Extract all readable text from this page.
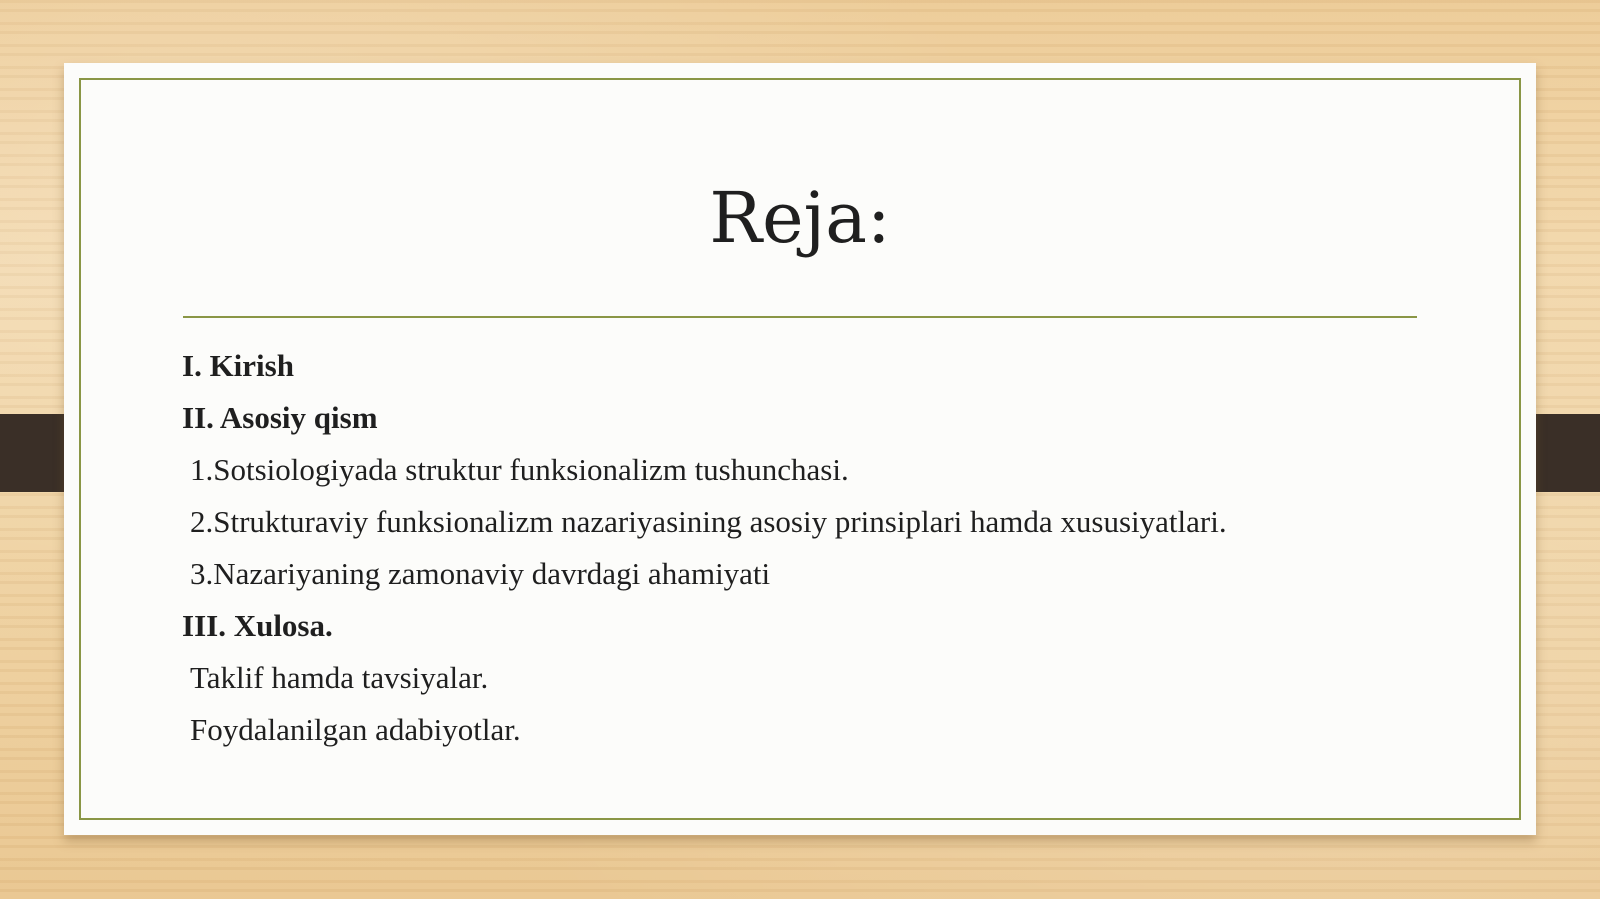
Reja:
I. Kirish
II. Asosiy qism
1.Sotsiologiyada struktur funksionalizm tushunchasi.
2.Strukturaviy funksionalizm nazariyasining asosiy prinsiplari hamda xususiyatlari.
3.Nazariyaning zamonaviy davrdagi ahamiyati
III. Xulosa.
Taklif hamda tavsiyalar.
Foydalanilgan adabiyotlar.
